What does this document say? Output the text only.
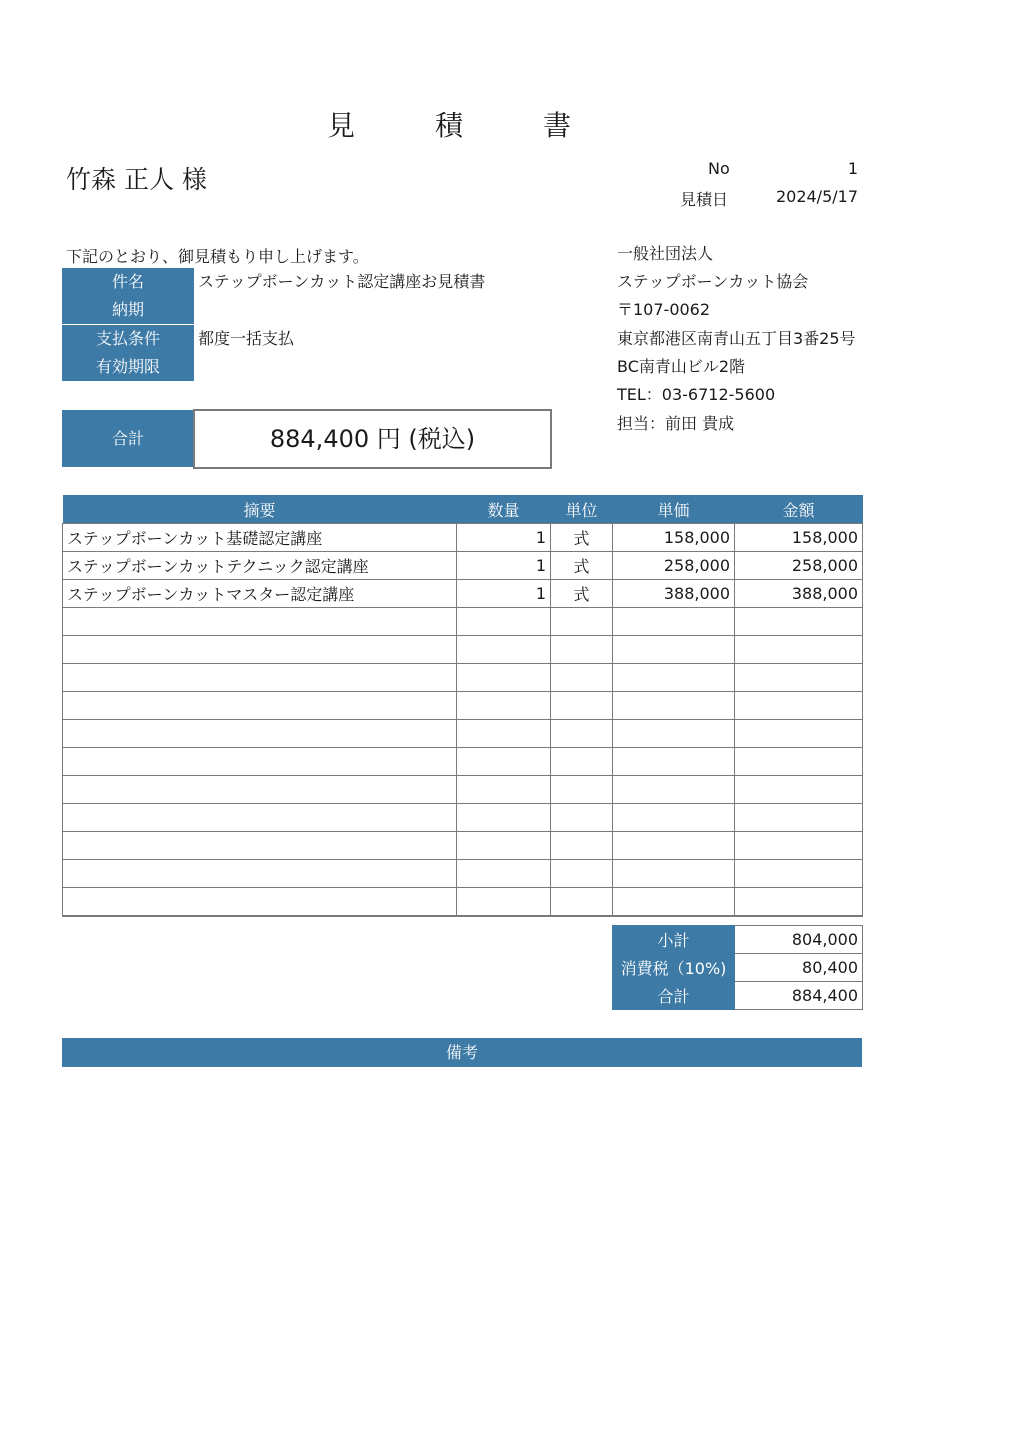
見　積　書
竹森 正人 様	No	1
見積日	2024/5/17
下記のとおり、御見積もり申し上げます。
件名	ステップボーンカット認定講座お見積書
納期
支払条件	都度一括支払
有効期限
一般社団法人
ステップボーンカット協会
〒107-0062
東京都港区南青山五丁目3番25号
BC南青山ビル2階
TEL：03-6712-5600
担当：前田 貴成
合計	884,400 円 (税込)
摘要	数量	単位	単価	金額
ステップボーンカット基礎認定講座	1	式	158,000	158,000
ステップボーンカットテクニック認定講座	1	式	258,000	258,000
ステップボーンカットマスター認定講座	1	式	388,000	388,000

小計	804,000
消費税（10%)	80,400
合計	884,400
備考
